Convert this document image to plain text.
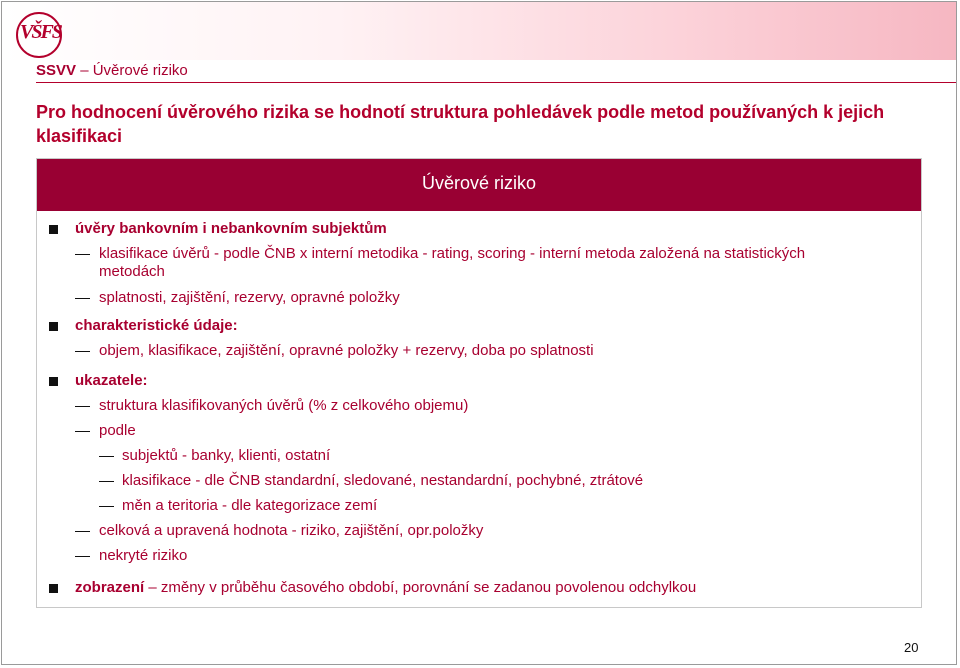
VŠFS
SSVV – Úvěrové riziko
Pro hodnocení úvěrového rizika se hodnotí struktura pohledávek podle metod používaných k jejich klasifikaci
Úvěrové riziko
úvěry bankovním i nebankovním subjektům
klasifikace úvěrů - podle ČNB x interní metodika - rating, scoring - interní metoda založená na statistických
metodách
splatnosti, zajištění, rezervy, opravné položky
charakteristické údaje:
objem, klasifikace, zajištění, opravné položky + rezervy, doba po splatnosti
ukazatele:
struktura klasifikovaných úvěrů (% z celkového objemu)
podle
subjektů - banky, klienti, ostatní
klasifikace - dle ČNB standardní, sledované, nestandardní, pochybné, ztrátové
měn a teritoria - dle kategorizace zemí
celková a upravená hodnota - riziko, zajištění, opr.položky
nekryté riziko
zobrazení – změny v průběhu časového období, porovnání se zadanou povolenou odchylkou
20
